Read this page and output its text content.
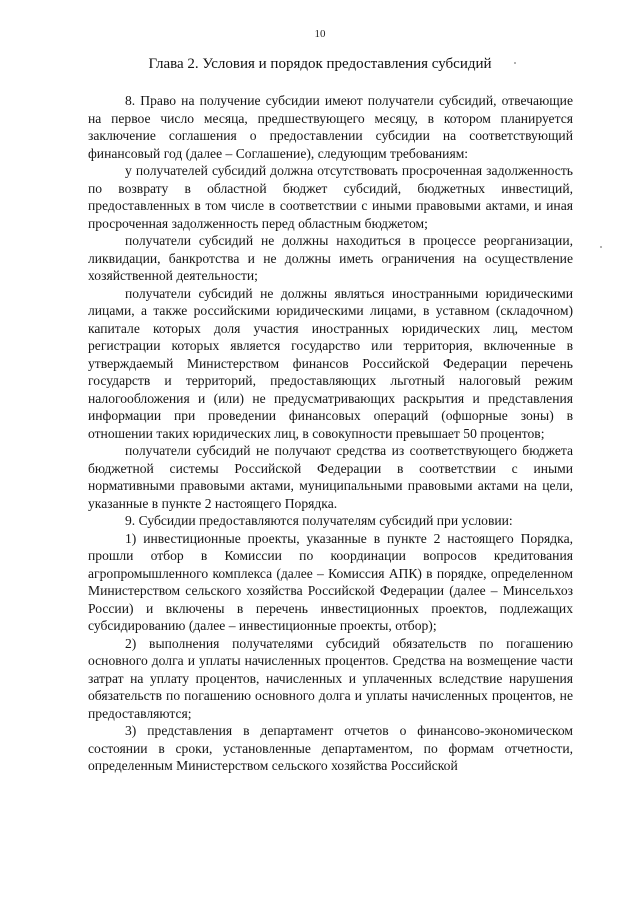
10
Глава 2. Условия и порядок предоставления субсидий

8. Право на получение субсидии имеют получатели субсидий, отвечающие на первое число месяца, предшествующего месяцу, в котором планируется заключение соглашения о предоставлении субсидии на соответствующий финансовый год (далее – Соглашение), следующим требованиям:

у получателей субсидий должна отсутствовать просроченная задолженность по возврату в областной бюджет субсидий, бюджетных инвестиций, предоставленных в том числе в соответствии с иными правовыми актами, и иная просроченная задолженность перед областным бюджетом;

получатели субсидий не должны находиться в процессе реорганизации, ликвидации, банкротства и не должны иметь ограничения на осуществление хозяйственной деятельности;

получатели субсидий не должны являться иностранными юридическими лицами, а также российскими юридическими лицами, в уставном (складочном) капитале которых доля участия иностранных юридических лиц, местом регистрации которых является государство или территория, включенные в утверждаемый Министерством финансов Российской Федерации перечень государств и территорий, предоставляющих льготный налоговый режим налогообложения и (или) не предусматривающих раскрытия и представления информации при проведении финансовых операций (офшорные зоны) в отношении таких юридических лиц, в совокупности превышает 50 процентов;

получатели субсидий не получают средства из соответствующего бюджета бюджетной системы Российской Федерации в соответствии с иными нормативными правовыми актами, муниципальными правовыми актами на цели, указанные в пункте 2 настоящего Порядка.

9. Субсидии предоставляются получателям субсидий при условии:

1) инвестиционные проекты, указанные в пункте 2 настоящего Порядка, прошли отбор в Комиссии по координации вопросов кредитования агропромышленного комплекса (далее – Комиссия АПК) в порядке, определенном Министерством сельского хозяйства Российской Федерации (далее – Минсельхоз России) и включены в перечень инвестиционных проектов, подлежащих субсидированию (далее – инвестиционные проекты, отбор);

2) выполнения получателями субсидий обязательств по погашению основного долга и уплаты начисленных процентов. Средства на возмещение части затрат на уплату процентов, начисленных и уплаченных вследствие нарушения обязательств по погашению основного долга и уплаты начисленных процентов, не предоставляются;

3) представления в департамент отчетов о финансово-экономическом состоянии в сроки, установленные департаментом, по формам отчетности, определенным Министерством сельского хозяйства Российской
